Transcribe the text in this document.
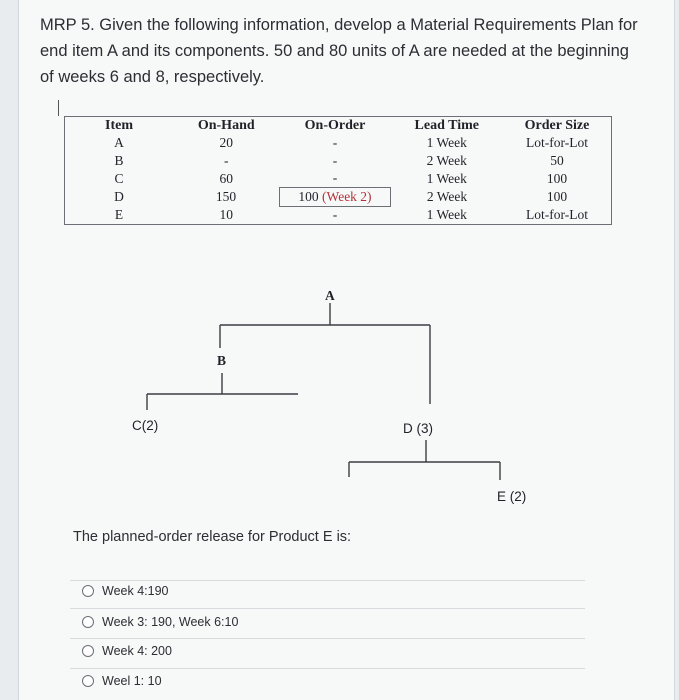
MRP 5. Given the following information, develop a Material Requirements Plan for end item A and its components. 50 and 80 units of A are needed at the beginning of weeks 6 and 8, respectively.
Item	On-Hand	On-Order	Lead Time	Order Size
A	20	-	1 Week	Lot-for-Lot
B	-	-	2 Week	50
C	60	-	1 Week	100
D	150	100 (Week 2)	2 Week	100
E	10	-	1 Week	Lot-for-Lot
A
B
C(2)	D (3)
E (2)
The planned-order release for Product E is:
Week 4:190
Week 3: 190, Week 6:10
Week 4: 200
Weel 1: 10
